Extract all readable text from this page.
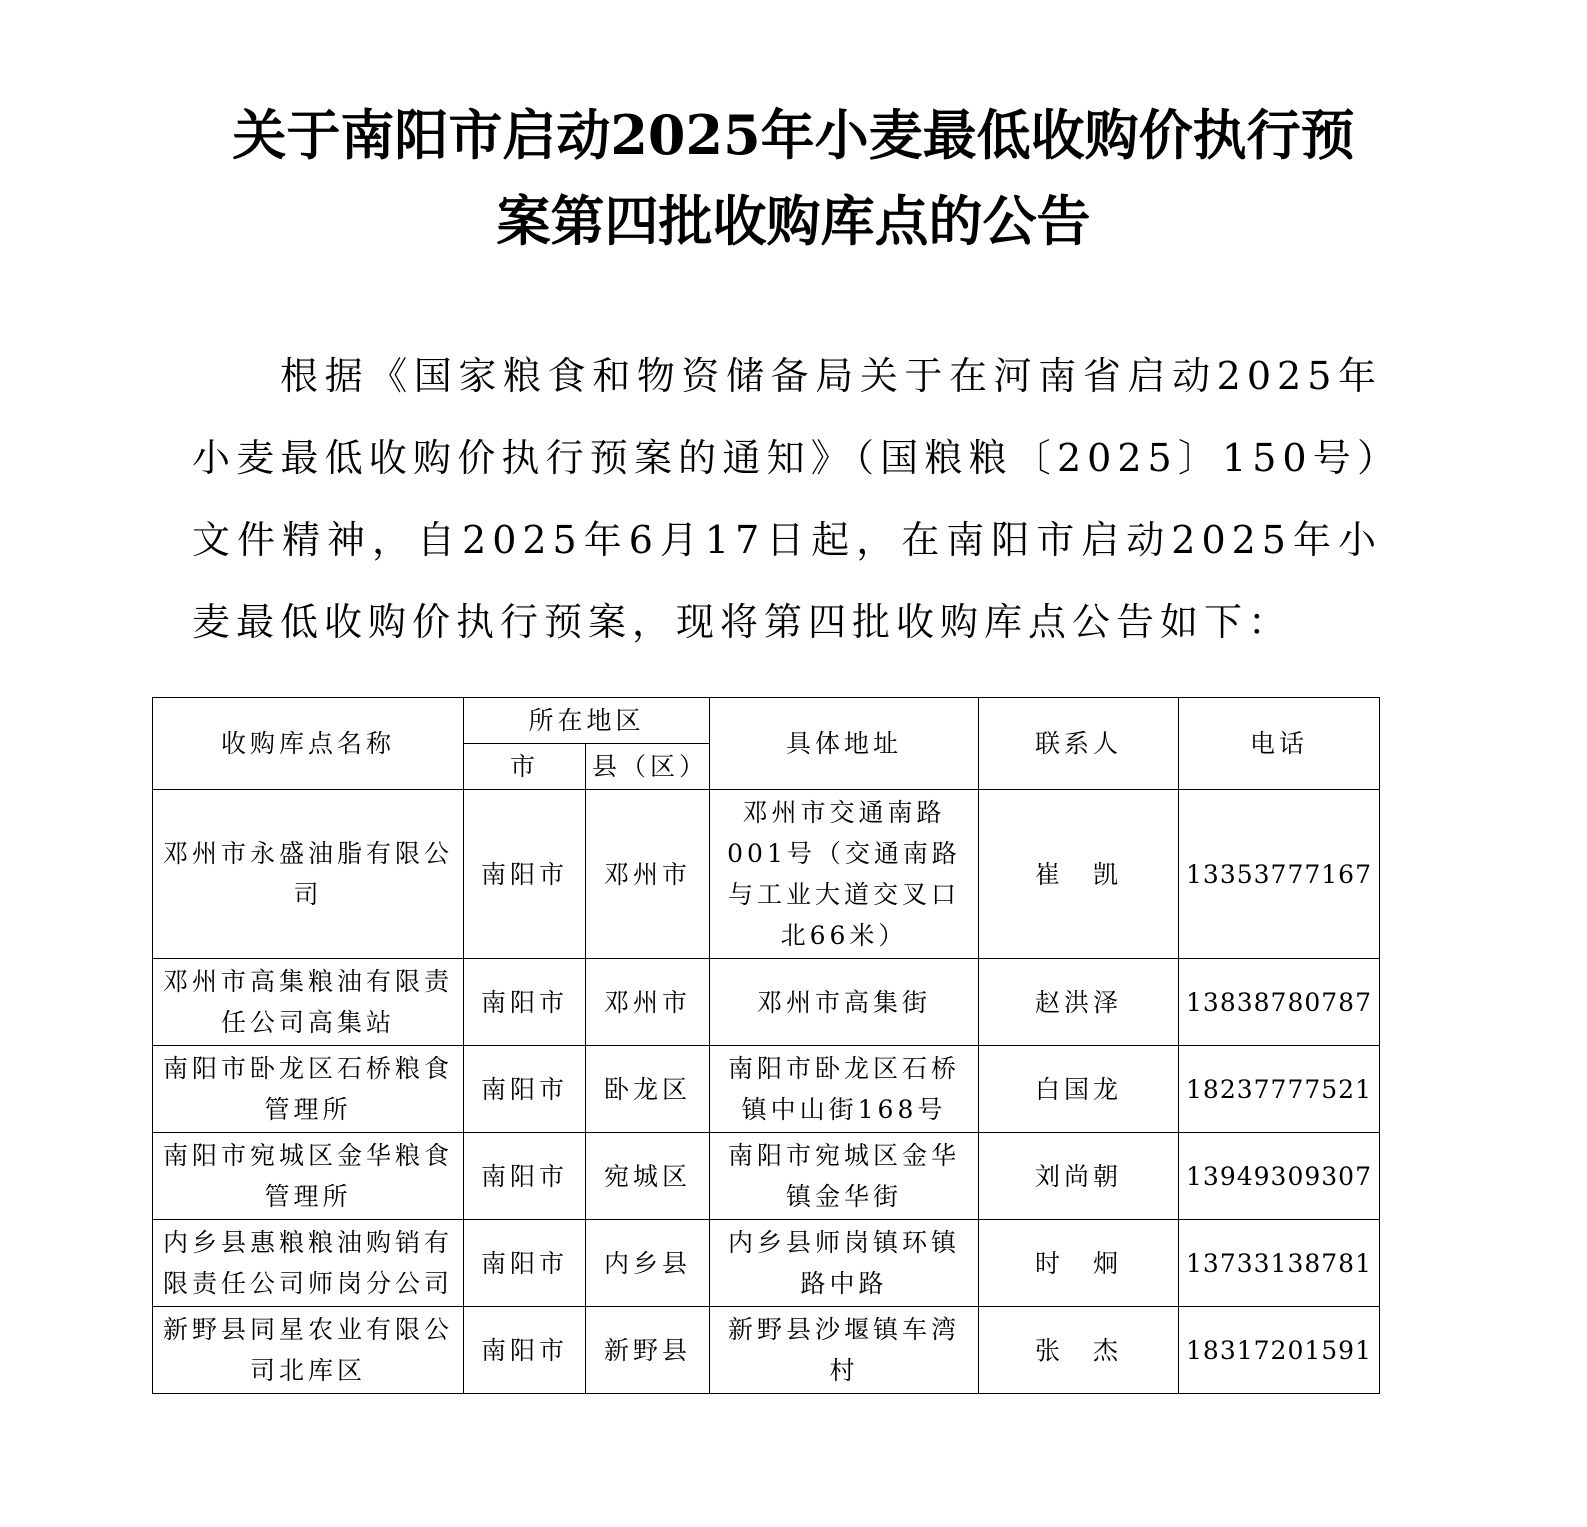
关于南阳市启动2025年小麦最低收购价执行预
案第四批收购库点的公告

根据《国家粮食和物资储备局关于在河南省启动2025年小麦最低收购价执行预案的通知》（国粮粮〔2025〕150号）文件精神，自2025年6月17日起，在南阳市启动2025年小麦最低收购价执行预案，现将第四批收购库点公告如下：

收购库点名称	所在地区		具体地址	联系人	电话
	市	县（区）			
邓州市永盛油脂有限公司	南阳市	邓州市	邓州市交通南路001号（交通南路与工业大道交叉口北66米）	崔　凯	13353777167
邓州市高集粮油有限责任公司高集站	南阳市	邓州市	邓州市高集街	赵洪泽	13838780787
南阳市卧龙区石桥粮食管理所	南阳市	卧龙区	南阳市卧龙区石桥镇中山街168号	白国龙	18237777521
南阳市宛城区金华粮食管理所	南阳市	宛城区	南阳市宛城区金华镇金华街	刘尚朝	13949309307
内乡县惠粮粮油购销有限责任公司师岗分公司	南阳市	内乡县	内乡县师岗镇环镇路中路	时　炯	13733138781
新野县同星农业有限公司北库区	南阳市	新野县	新野县沙堰镇车湾村	张　杰	18317201591
